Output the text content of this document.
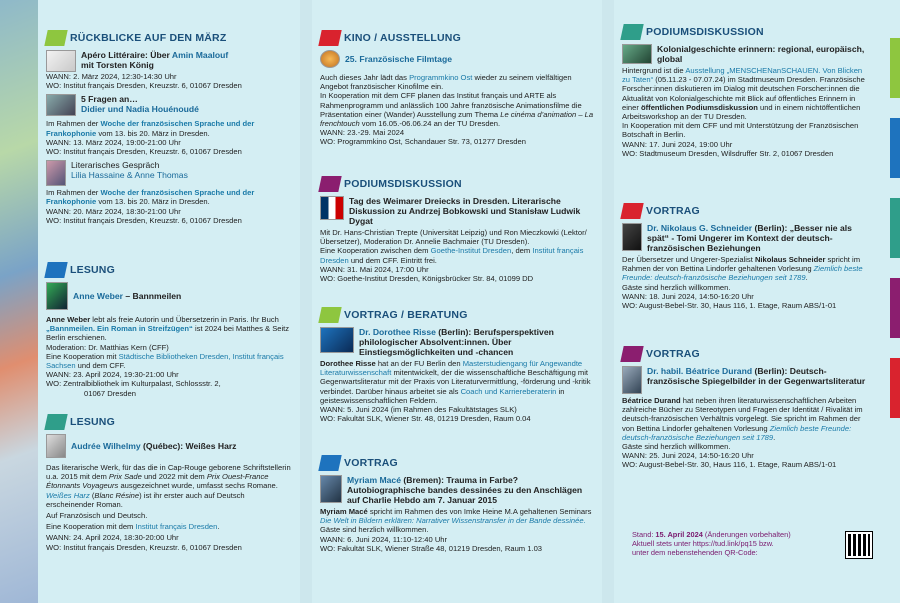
RÜCKBLICKE AUF DEN MÄRZ
Apéro Littéraire: Über Amin Maalouf
mit Torsten König

WANN: 2. März 2024, 12:30-14:30 Uhr

WO: Institut français Dresden, Kreuzstr. 6, 01067 Dresden

5 Fragen an…
Didier und Nadia Houénoudé

Im Rahmen der Woche der französischen Sprache und der Frankophonie vom 13. bis 20. März in Dresden.

WANN: 13. März 2024, 19:00-21:00 Uhr

WO: Institut français Dresden, Kreuzstr. 6, 01067 Dresden

Literarisches Gespräch
Lilia Hassaine & Anne Thomas

Im Rahmen der Woche der französischen Sprache und der Frankophonie vom 13. bis 20. März in Dresden.

WANN: 20. März 2024, 18:30-21:00 Uhr

WO: Institut français Dresden, Kreuzstr. 6, 01067 Dresden

LESUNG
Anne Weber – Bannmeilen

Anne Weber lebt als freie Autorin und Übersetzerin in Paris. Ihr Buch „Bannmeilen. Ein Roman in Streifzügen“ ist 2024 bei Matthes & Seitz Berlin erschienen.

Moderation: Dr. Matthias Kern (CFF)

Eine Kooperation mit Städtische Bibliotheken Dresden, Institut français Sachsen und dem CFF.

WANN: 23. April 2024, 19:30-21:00 Uhr

WO: Zentralbibliothek im Kulturpalast, Schlossstr. 2,

01067 Dresden

LESUNG
Audrée Wilhelmy (Québec): Weißes Harz

Das literarische Werk, für das die in Cap-Rouge geborene Schriftstellerin u.a. 2015 mit dem Prix Sade und 2022 mit dem Prix Ouest-France Étonnants Voyageurs ausgezeichnet wurde, umfasst sechs Romane. Weißes Harz (Blanc Résine) ist ihr erster auch auf Deutsch erscheinender Roman.

Auf Französisch und Deutsch.

Eine Kooperation mit dem Institut français Dresden.

WANN: 24. April 2024, 18:30-20:00 Uhr

WO: Institut français Dresden, Kreuzstr. 6, 01067 Dresden

KINO / AUSSTELLUNG
25. Französische Filmtage

Auch dieses Jahr lädt das Programmkino Ost wieder zu seinem vielfältigen Angebot französischer Kinofilme ein.

In Kooperation mit dem CFF planen das Institut français und ARTE als Rahmenprogramm und anlässlich 100 Jahre französische Animationsfilme die Präsentation einer (Wander) Ausstellung zum Thema Le cinéma d’animation – La frenchtouch vom 16.05.-06.06.24 an der TU Dresden.

WANN: 23.-29. Mai 2024

WO: Programmkino Ost, Schandauer Str. 73, 01277 Dresden

PODIUMSDISKUSSION
Tag des Weimarer Dreiecks in Dresden. Literarische Diskussion zu Andrzej Bobkowski und Stanisław Ludwik Dygat

Mit Dr. Hans-Christian Trepte (Universität Leipzig) und Ron Mieczkowki (Lektor/Übersetzer), Moderation Dr. Annelie Bachmaier (TU Dresden).

Eine Kooperation zwischen dem Goethe-Institut Dresden, dem Institut français Dresden und dem CFF. Eintritt frei.

WANN: 31. Mai 2024, 17:00 Uhr

WO: Goethe-Institut Dresden, Königsbrücker Str. 84, 01099 DD

VORTRAG / BERATUNG
Dr. Dorothee Risse (Berlin): Berufsperspektiven philologischer Absolvent:innen. Über Einstiegsmöglichkeiten und -chancen

Dorothee Risse hat an der FU Berlin den Masterstudiengang für Angewandte Literaturwissenschaft mitentwickelt, der die wissenschaftliche Beschäftigung mit Gegenwartsliteratur mit der Praxis von Literaturvermittlung, -förderung und -kritik verbindet. Darüber hinaus arbeitet sie als Coach und Karriereberaterin in geisteswissenschaftlichen Feldern.

WANN: 5. Juni 2024 (im Rahmen des Fakultätstages SLK)

WO: Fakultät SLK, Wiener Str. 48, 01219 Dresden, Raum 0.04

VORTRAG
Myriam Macé (Bremen): Trauma in Farbe? Autobiographische bandes dessinées zu den Anschlägen auf Charlie Hebdo am 7. Januar 2015

Myriam Macé spricht im Rahmen des von Imke Heine M.A gehaltenen Seminars Die Welt in Bildern erklären: Narrativer Wissenstransfer in der Bande dessinée.

Gäste sind herzlich willkommen.

WANN: 6. Juni 2024, 11:10-12:40 Uhr

WO: Fakultät SLK, Wiener Straße 48, 01219 Dresden, Raum 1.03

PODIUMSDISKUSSION
Kolonialgeschichte erinnern: regional, europäisch, global

Hintergrund ist die Ausstellung „MENSCHENanSCHAUEN. Von Blicken zu Taten“ (05.11.23 - 07.07.24) im Stadtmuseum Dresden. Französische Forscher:innen diskutieren im Dialog mit deutschen Forscher:innen die Aktualität von Kolonialgeschichte mit Blick auf öffentliches Erinnern in einer öffentlichen Podiumsdiskussion und in einem nichtöffentlichen Arbeitsworkshop an der TU Dresden.

In Kooperation mit dem CFF und mit Unterstützung der Französischen Botschaft in Berlin.

WANN: 17. Juni 2024, 19:00 Uhr

WO: Stadtmuseum Dresden, Wilsdruffer Str. 2, 01067 Dresden

VORTRAG
Dr. Nikolaus G. Schneider (Berlin): „Besser nie als spät“ - Tomi Ungerer im Kontext der deutsch-französischen Beziehungen

Der Übersetzer und Ungerer-Spezialist Nikolaus Schneider spricht im Rahmen der von Bettina Lindorfer gehaltenen Vorlesung Ziemlich beste Freunde: deutsch-französische Beziehungen seit 1789.

Gäste sind herzlich willkommen.

WANN: 18. Juni 2024, 14:50-16:20 Uhr

WO: August-Bebel-Str. 30, Haus 116, 1. Etage, Raum ABS/1-01

VORTRAG
Dr. habil. Béatrice Durand (Berlin): Deutsch-französische Spiegelbilder in der Gegenwartsliteratur

Béatrice Durand hat neben ihren literaturwissenschaftlichen Arbeiten zahlreiche Bücher zu Stereotypen und Fragen der Identität / Rivalität im deutsch-französischen Verhältnis vorgelegt. Sie spricht im Rahmen der von Bettina Lindorfer gehaltenen Vorlesung Ziemlich beste Freunde: deutsch-französische Beziehungen seit 1789.

Gäste sind herzlich willkommen.

WANN: 25. Juni 2024, 14:50-16:20 Uhr

WO: August-Bebel-Str. 30, Haus 116, 1. Etage, Raum ABS/1-01

Stand: 15. April 2024 (Änderungen vorbehalten)
Aktuell stets unter https://tud.link/pq15 bzw.
unter dem nebenstehenden QR-Code:
